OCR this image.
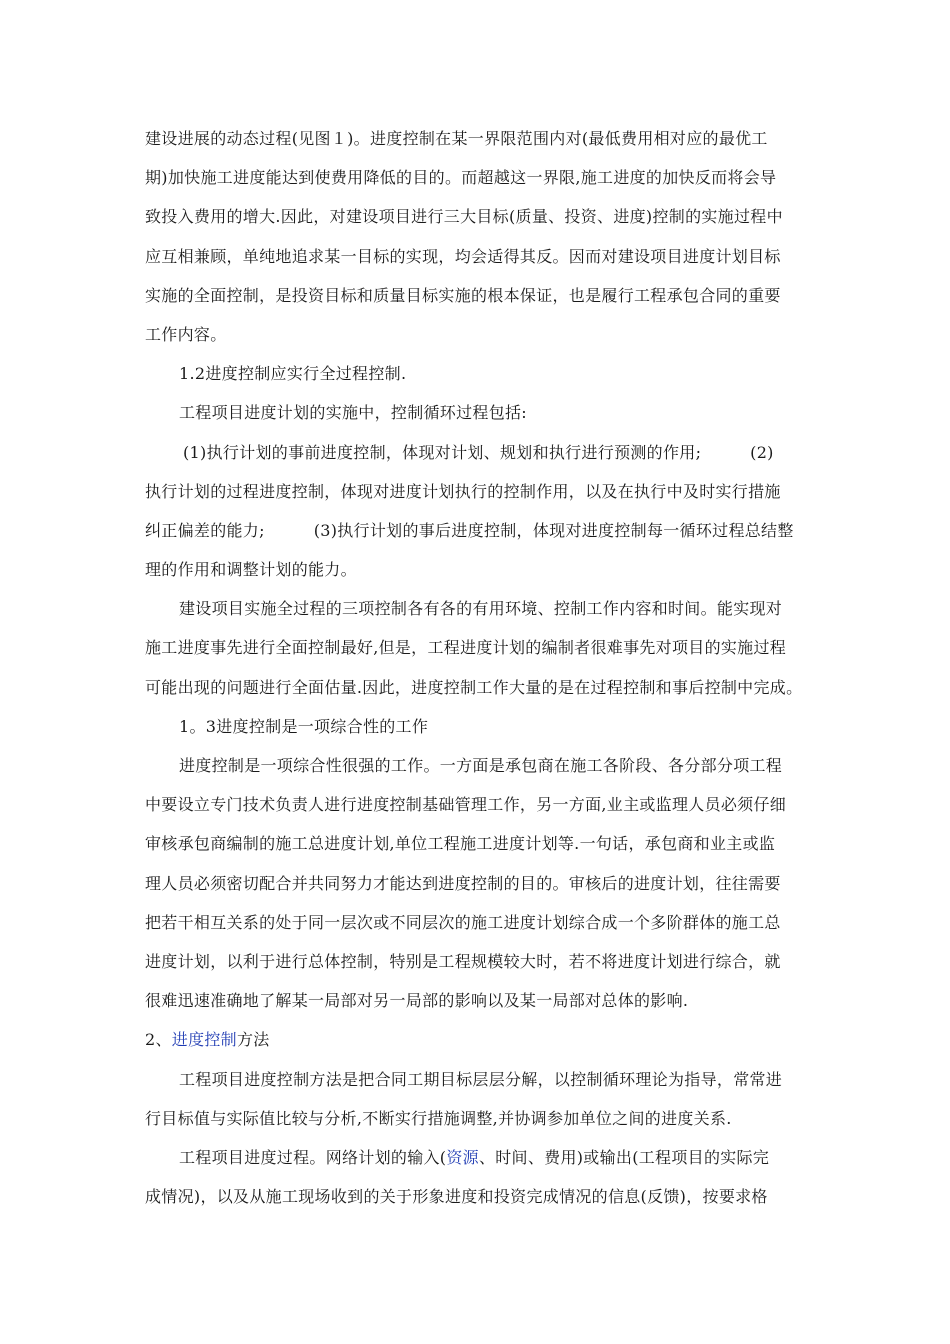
建设进展的动态过程(见图１)。进度控制在某一界限范围内对(最低费用相对应的最优工
期)加快施工进度能达到使费用降低的目的。而超越这一界限,施工进度的加快反而将会导
致投入费用的增大.因此，对建设项目进行三大目标(质量、投资、进度)控制的实施过程中
应互相兼顾，单纯地追求某一目标的实现，均会适得其反。因而对建设项目进度计划目标
实施的全面控制，是投资目标和质量目标实施的根本保证，也是履行工程承包合同的重要
工作内容。
1.2进度控制应实行全过程控制.
工程项目进度计划的实施中，控制循环过程包括:
(1)执行计划的事前进度控制，体现对计划、规划和执行进行预测的作用;　　　(2)
执行计划的过程进度控制，体现对进度计划执行的控制作用，以及在执行中及时实行措施
纠正偏差的能力;　　　(3)执行计划的事后进度控制，体现对进度控制每一循环过程总结整
理的作用和调整计划的能力。
建设项目实施全过程的三项控制各有各的有用环境、控制工作内容和时间。能实现对
施工进度事先进行全面控制最好,但是，工程进度计划的编制者很难事先对项目的实施过程
可能出现的问题进行全面估量.因此，进度控制工作大量的是在过程控制和事后控制中完成。
1。3进度控制是一项综合性的工作
进度控制是一项综合性很强的工作。一方面是承包商在施工各阶段、各分部分项工程
中要设立专门技术负责人进行进度控制基础管理工作，另一方面,业主或监理人员必须仔细
审核承包商编制的施工总进度计划,单位工程施工进度计划等.一句话，承包商和业主或监
理人员必须密切配合并共同努力才能达到进度控制的目的。审核后的进度计划，往往需要
把若干相互关系的处于同一层次或不同层次的施工进度计划综合成一个多阶群体的施工总
进度计划，以利于进行总体控制，特别是工程规模较大时，若不将进度计划进行综合，就
很难迅速准确地了解某一局部对另一局部的影响以及某一局部对总体的影响.
2、进度控制方法
工程项目进度控制方法是把合同工期目标层层分解，以控制循环理论为指导，常常进
行目标值与实际值比较与分析,不断实行措施调整,并协调参加单位之间的进度关系.
工程项目进度过程。网络计划的输入(资源、时间、费用)或输出(工程项目的实际完
成情况)，以及从施工现场收到的关于形象进度和投资完成情况的信息(反馈)，按要求格
